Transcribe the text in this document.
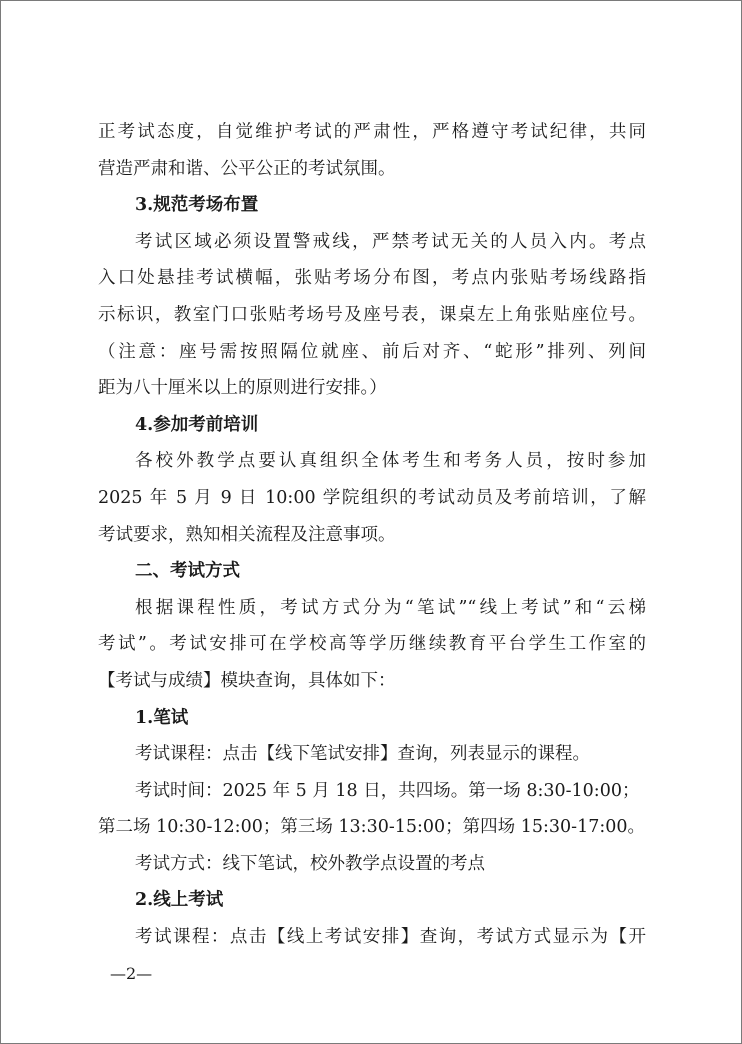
正考试态度，自觉维护考试的严肃性，严格遵守考试纪律，共同
营造严肃和谐、公平公正的考试氛围。
3.规范考场布置
考试区域必须设置警戒线，严禁考试无关的人员入内。考点
入口处悬挂考试横幅，张贴考场分布图，考点内张贴考场线路指
示标识，教室门口张贴考场号及座号表，课桌左上角张贴座位号。
（注意：座号需按照隔位就座、前后对齐、“蛇形”排列、列间
距为八十厘米以上的原则进行安排。）
4.参加考前培训
各校外教学点要认真组织全体考生和考务人员，按时参加
2025 年 5 月 9 日 10:00 学院组织的考试动员及考前培训，了解
考试要求，熟知相关流程及注意事项。
二、考试方式
根据课程性质，考试方式分为“笔试”“线上考试”和“云梯
考试”。考试安排可在学校高等学历继续教育平台学生工作室的
【考试与成绩】模块查询，具体如下：
1.笔试
考试课程：点击【线下笔试安排】查询，列表显示的课程。
考试时间：2025 年 5 月 18 日，共四场。第一场 8:30-10:00；
第二场 10:30-12:00；第三场 13:30-15:00；第四场 15:30-17:00。
考试方式：线下笔试，校外教学点设置的考点
2.线上考试
考试课程：点击【线上考试安排】查询，考试方式显示为【开
—2—
